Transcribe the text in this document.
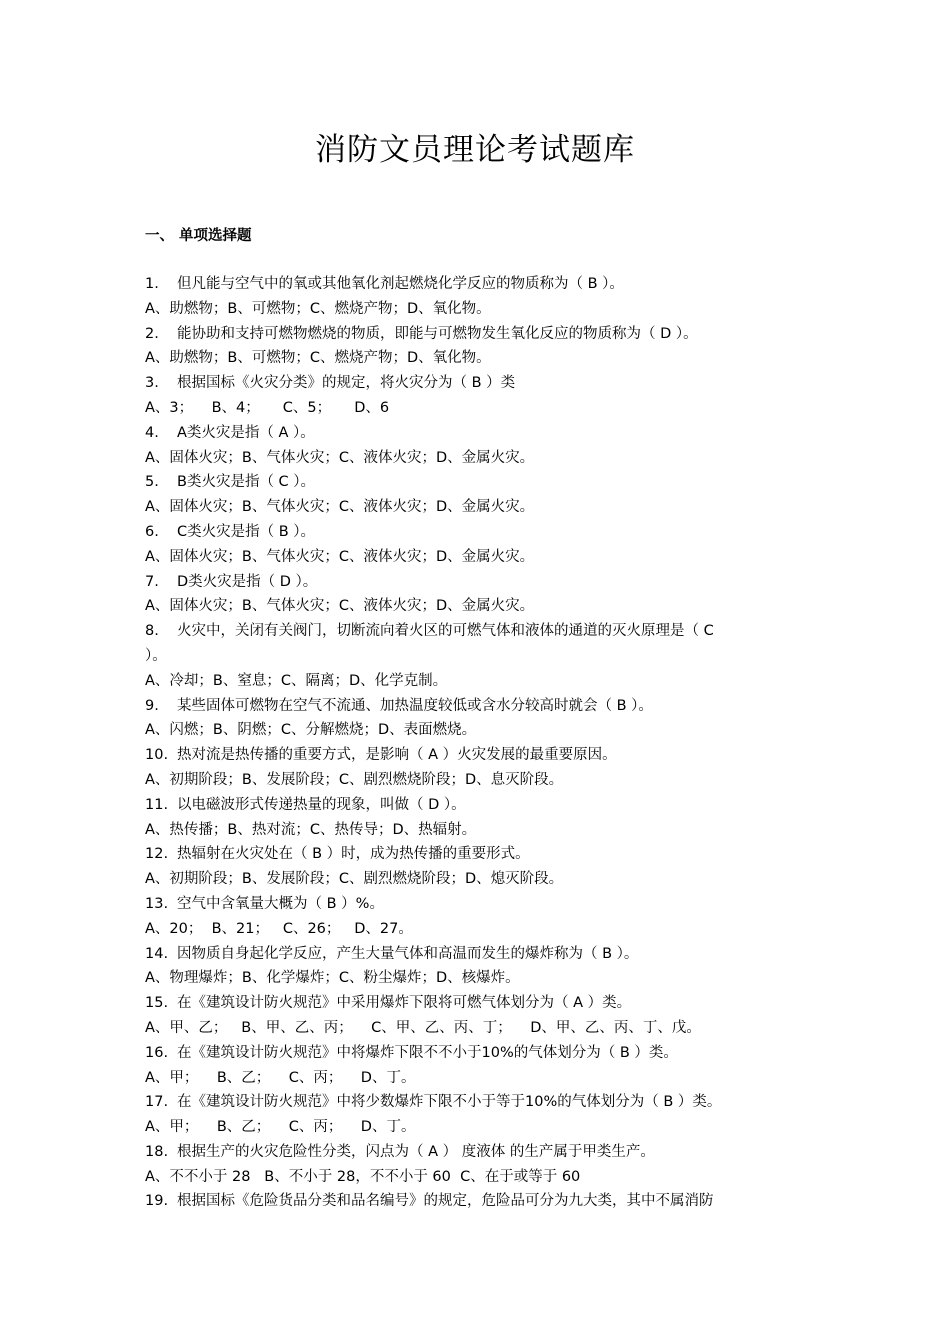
消防文员理论考试题库
一、 单项选择题
1. 但凡能与空气中的氧或其他氧化剂起燃烧化学反应的物质称为（ B ）。
A、助燃物；B、可燃物；C、燃烧产物；D、氧化物。
2. 能协助和支持可燃物燃烧的物质，即能与可燃物发生氧化反应的物质称为（ D ）。
A、助燃物；B、可燃物；C、燃烧产物；D、氧化物。
3. 根据国标《火灾分类》的规定，将火灾分为（ B ）类
A、3；    B、4；     C、5；     D、6
4. A类火灾是指（ A ）。
A、固体火灾；B、气体火灾；C、液体火灾；D、金属火灾。
5. B类火灾是指（ C ）。
A、固体火灾；B、气体火灾；C、液体火灾；D、金属火灾。
6. C类火灾是指（ B ）。
A、固体火灾；B、气体火灾；C、液体火灾；D、金属火灾。
7. D类火灾是指（ D ）。
A、固体火灾；B、气体火灾；C、液体火灾；D、金属火灾。
8. 火灾中，关闭有关阀门，切断流向着火区的可燃气体和液体的通道的灭火原理是（ C
）。
A、冷却；B、窒息；C、隔离；D、化学克制。
9. 某些固体可燃物在空气不流通、加热温度较低或含水分较高时就会（ B ）。
A、闪燃；B、阴燃；C、分解燃烧；D、表面燃烧。
10. 热对流是热传播的重要方式，是影响（ A ）火灾发展的最重要原因。
A、初期阶段；B、发展阶段；C、剧烈燃烧阶段；D、息灭阶段。
11. 以电磁波形式传递热量的现象，叫做（ D ）。
A、热传播；B、热对流；C、热传导；D、热辐射。
12. 热辐射在火灾处在（ B ）时，成为热传播的重要形式。
A、初期阶段；B、发展阶段；C、剧烈燃烧阶段；D、熄灭阶段。
13. 空气中含氧量大概为（ B ）%。
A、20；  B、21；   C、26；   D、27。
14. 因物质自身起化学反应，产生大量气体和高温而发生的爆炸称为（ B ）。
A、物理爆炸；B、化学爆炸；C、粉尘爆炸；D、核爆炸。
15. 在《建筑设计防火规范》中采用爆炸下限将可燃气体划分为（ A ）类。
A、甲、乙；   B、甲、乙、丙；    C、甲、乙、丙、丁；    D、甲、乙、丙、丁、戊。
16. 在《建筑设计防火规范》中将爆炸下限不不小于10%的气体划分为（ B ）类。
A、甲；    B、乙；    C、丙；    D、丁。
17. 在《建筑设计防火规范》中将少数爆炸下限不小于等于10%的气体划分为（ B ）类。
A、甲；    B、乙；    C、丙；    D、丁。
18. 根据生产的火灾危险性分类，闪点为（ A ） 度液体 的生产属于甲类生产。
A、不不小于 28   B、不小于 28，不不小于 60  C、在于或等于 60
19. 根据国标《危险货品分类和品名编号》的规定，危险品可分为九大类，其中不属消防
